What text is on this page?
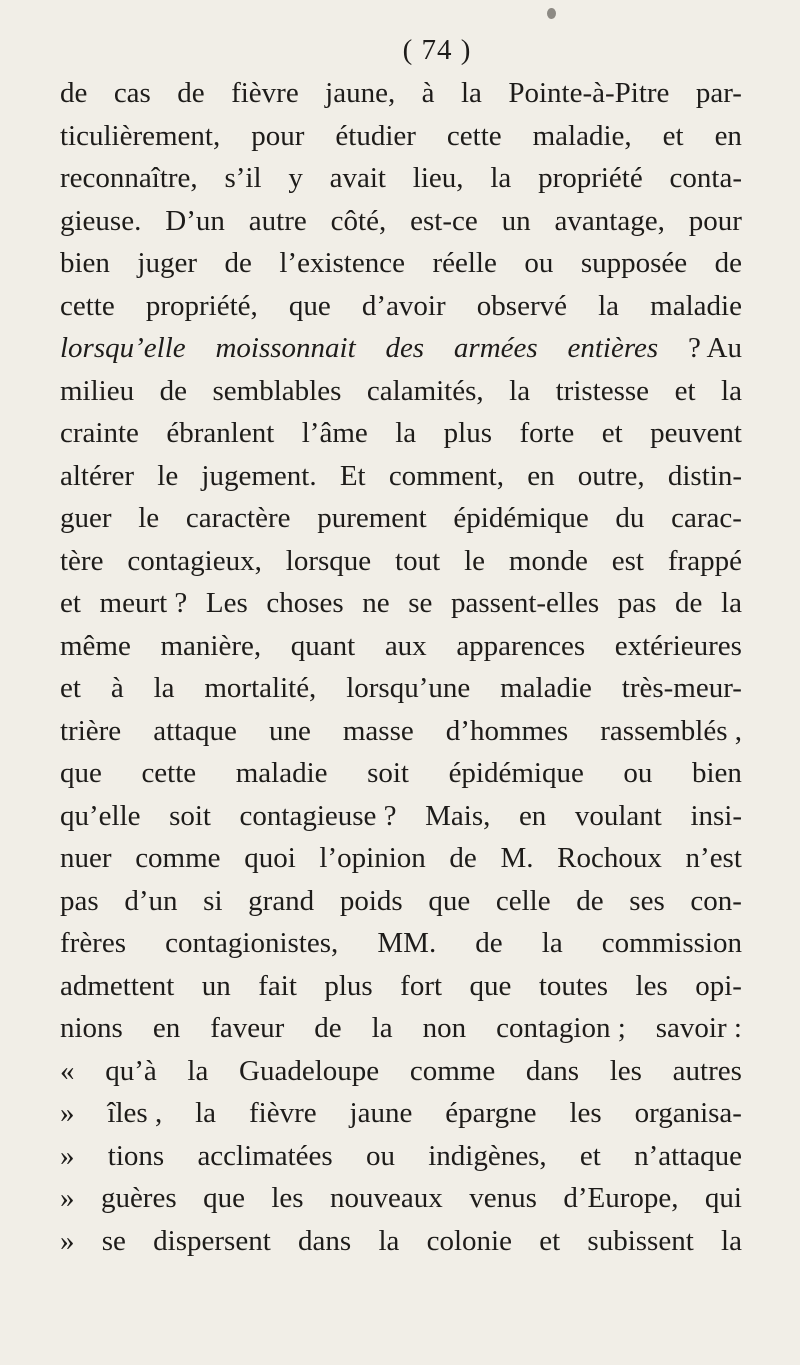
( 74 )
de cas de fièvre jaune, à la Pointe-à-Pitre par-
ticulièrement, pour étudier cette maladie, et en
reconnaître, s’il y avait lieu, la propriété conta-
gieuse. D’un autre côté, est-ce un avantage, pour
bien juger de l’existence réelle ou supposée de
cette propriété, que d’avoir observé la maladie
lorsqu’elle moissonnait des armées entières ? Au
milieu de semblables calamités, la tristesse et la
crainte ébranlent l’âme la plus forte et peuvent
altérer le jugement. Et comment, en outre, distin-
guer le caractère purement épidémique du carac-
tère contagieux, lorsque tout le monde est frappé
et meurt ? Les choses ne se passent-elles pas de la
même manière, quant aux apparences extérieures
et à la mortalité, lorsqu’une maladie très-meur-
trière attaque une masse d’hommes rassemblés ,
que cette maladie soit épidémique ou bien
qu’elle soit contagieuse ? Mais, en voulant insi-
nuer comme quoi l’opinion de M. Rochoux n’est
pas d’un si grand poids que celle de ses con-
frères contagionistes, MM. de la commission
admettent un fait plus fort que toutes les opi-
nions en faveur de la non contagion ; savoir :
« qu’à la Guadeloupe comme dans les autres
» îles , la fièvre jaune épargne les organisa-
» tions acclimatées ou indigènes, et n’attaque
» guères que les nouveaux venus d’Europe, qui
» se dispersent dans la colonie et subissent la
